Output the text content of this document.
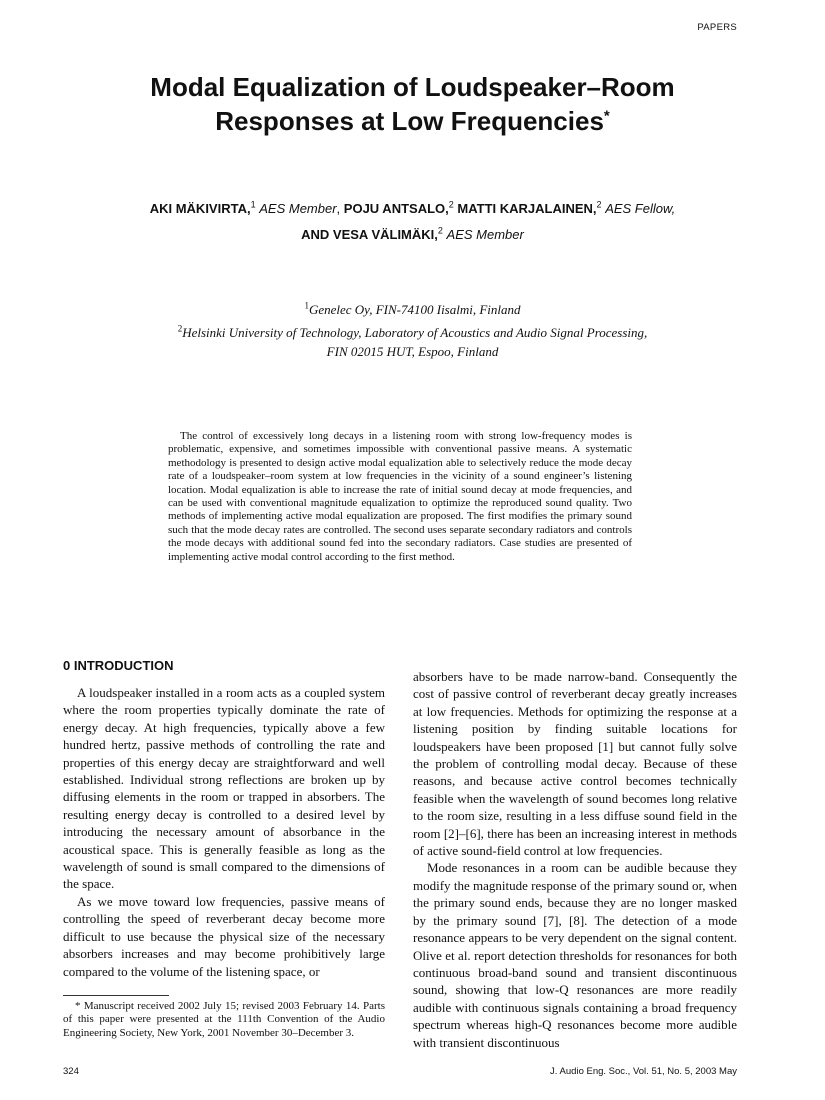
PAPERS
Modal Equalization of Loudspeaker–Room
Responses at Low Frequencies*
AKI MÄKIVIRTA,$^1$ AES Member, POJU ANTSALO,$^2$ MATTI KARJALAINEN,$^2$ AES Fellow,
AND VESA VÄLIMÄKI,$^2$ AES Member
$^1$Genelec Oy, FIN-74100 Iisalmi, Finland
$^2$Helsinki University of Technology, Laboratory of Acoustics and Audio Signal Processing,
FIN 02015 HUT, Espoo, Finland

The control of excessively long decays in a listening room with strong low-frequency modes is problematic, expensive, and sometimes impossible with conventional passive means. A systematic methodology is presented to design active modal equalization able to selectively reduce the mode decay rate of a loudspeaker–room system at low frequencies in the vicinity of a sound engineer’s listening location. Modal equalization is able to increase the rate of initial sound decay at mode frequencies, and can be used with conventional magnitude equalization to optimize the reproduced sound quality. Two methods of implementing active modal equalization are proposed. The first modifies the primary sound such that the mode decay rates are controlled. The second uses separate secondary radiators and controls the mode decays with additional sound fed into the secondary radiators. Case studies are presented of implementing active modal control according to the first method.

0 INTRODUCTION

A loudspeaker installed in a room acts as a coupled system where the room properties typically dominate the rate of energy decay. At high frequencies, typically above a few hundred hertz, passive methods of controlling the rate and properties of this energy decay are straightforward and well established. Individual strong reflections are broken up by diffusing elements in the room or trapped in absorbers. The resulting energy decay is controlled to a desired level by introducing the necessary amount of absorbance in the acoustical space. This is generally feasible as long as the wavelength of sound is small compared to the dimensions of the space.

As we move toward low frequencies, passive means of controlling the speed of reverberant decay become more difficult to use because the physical size of the necessary absorbers increases and may become prohibitively large compared to the volume of the listening space, or

absorbers have to be made narrow-band. Consequently the cost of passive control of reverberant decay greatly increases at low frequencies. Methods for optimizing the response at a listening position by finding suitable locations for loudspeakers have been proposed [1] but cannot fully solve the problem of controlling modal decay. Because of these reasons, and because active control becomes technically feasible when the wavelength of sound becomes long relative to the room size, resulting in a less diffuse sound field in the room [2]–[6], there has been an increasing interest in methods of active sound-field control at low frequencies.

Mode resonances in a room can be audible because they modify the magnitude response of the primary sound or, when the primary sound ends, because they are no longer masked by the primary sound [7], [8]. The detection of a mode resonance appears to be very dependent on the signal content. Olive et al. report detection thresholds for resonances for both continuous broad-band sound and transient discontinuous sound, showing that low-Q resonances are more readily audible with continuous signals containing a broad frequency spectrum whereas high-Q resonances become more audible with transient discontinuous

* Manuscript received 2002 July 15; revised 2003 February 14. Parts of this paper were presented at the 111th Convention of the Audio Engineering Society, New York, 2001 November 30–December 3.

324	J. Audio Eng. Soc., Vol. 51, No. 5, 2003 May
